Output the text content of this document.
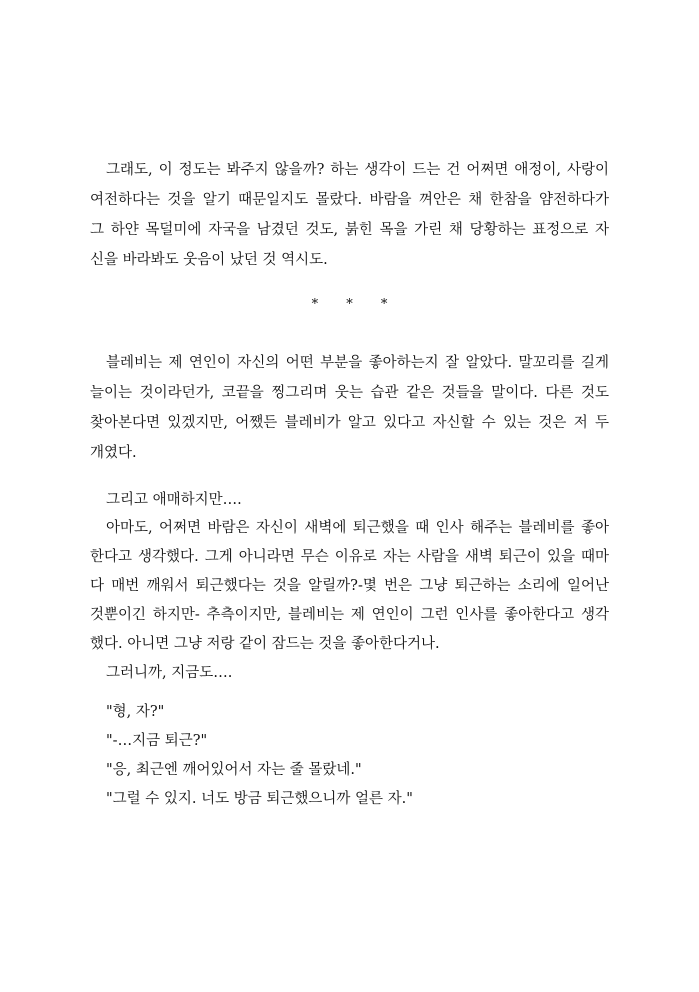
그래도, 이 정도는 봐주지 않을까? 하는 생각이 드는 건 어쩌면 애정이, 사랑이
여전하다는 것을 알기 때문일지도 몰랐다. 바람을 껴안은 채 한참을 얌전하다가
그 하얀 목덜미에 자국을 남겼던 것도, 붉힌 목을 가린 채 당황하는 표정으로 자
신을 바라봐도 웃음이 났던 것 역시도.
* * *
블레비는 제 연인이 자신의 어떤 부분을 좋아하는지 잘 알았다. 말꼬리를 길게
늘이는 것이라던가, 코끝을 찡그리며 웃는 습관 같은 것들을 말이다. 다른 것도
찾아본다면 있겠지만, 어쨌든 블레비가 알고 있다고 자신할 수 있는 것은 저 두
개였다.
그리고 애매하지만….
아마도, 어쩌면 바람은 자신이 새벽에 퇴근했을 때 인사 해주는 블레비를 좋아
한다고 생각했다. 그게 아니라면 무슨 이유로 자는 사람을 새벽 퇴근이 있을 때마
다 매번 깨워서 퇴근했다는 것을 알릴까?-몇 번은 그냥 퇴근하는 소리에 일어난
것뿐이긴 하지만- 추측이지만, 블레비는 제 연인이 그런 인사를 좋아한다고 생각
했다. 아니면 그냥 저랑 같이 잠드는 것을 좋아한다거나.
그러니까, 지금도….
"형, 자?"
"-…지금 퇴근?"
"응, 최근엔 깨어있어서 자는 줄 몰랐네."
"그럴 수 있지. 너도 방금 퇴근했으니까 얼른 자."
